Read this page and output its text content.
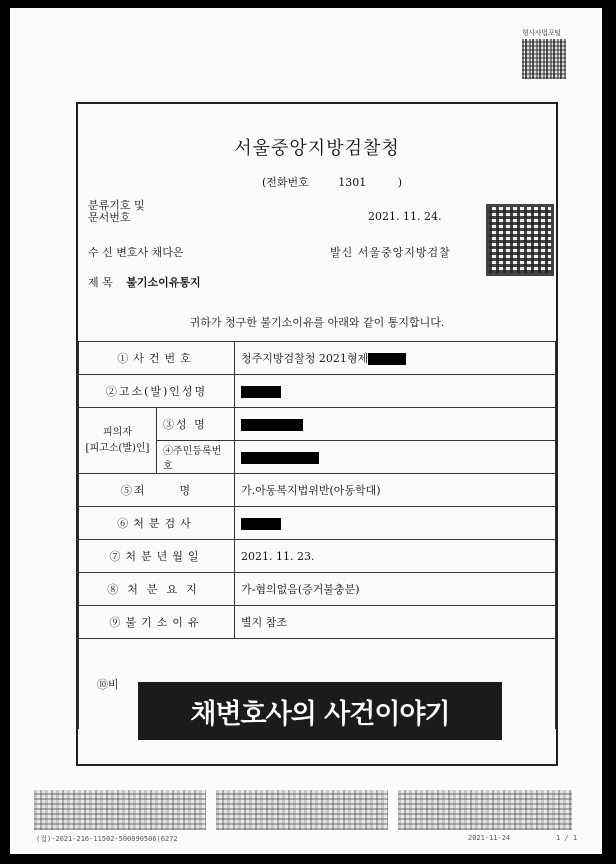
형사사법포털
서울중앙지방검찰청
(전화번호	1301	)
분류기호 및
문서번호	2021. 11. 24.
수 신 변호사 채다은	발신 서울중앙지방검찰
제 목 불기소이유통지
귀하가 청구한 불기소이유를 아래와 같이 통지합니다.
①사건번호		청주지방검찰청 2021형제
②고소(발)인성명		

피의자
[피고소(발)인]	③성 명	
	④주민등록번호	
⑤죄      명		가.아동복지법위반(아동학대)
⑥처분검사		
⑦처분년월일		2021. 11. 23.
⑧처분요지		가-혐의없음(증거불충분)
⑨불기소이유		별지 참조
⑩비		
(접)-2021-216-11502-500090506(6272	2021-11-24	1 / 1
채변호사의 사건이야기
